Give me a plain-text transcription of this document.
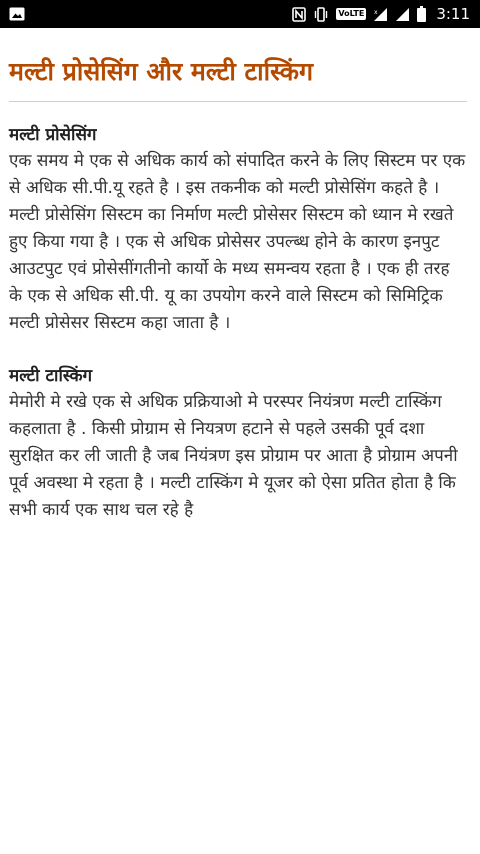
VoLTE	x	3:11
मल्टी प्रोसेसिंग और मल्टी टास्किंग
मल्टी प्रोसेसिंग

एक समय मे एक से अधिक कार्य को संपादित करने के लिए सिस्टम पर एक से अधिक सी.पी.यू रहते है । इस तकनीक को मल्टी प्रोसेसिंग कहते है । मल्टी प्रोसेसिंग सिस्टम का निर्माण मल्टी प्रोसेसर सिस्टम को ध्यान मे रखते हुए किया गया है । एक से अधिक प्रोसेसर उपल्ब्ध होने के कारण इनपुट आउटपुट एवं प्रोसेसींगतीनो कार्यो के मध्य समन्वय रहता है । एक ही तरह के एक से अधिक सी.पी. यू का उपयोग करने वाले सिस्टम को सिमिट्रिक मल्टी प्रोसेसर सिस्टम कहा जाता है ।

मल्टी टास्किंग

मेमोरी मे रखे एक से अधिक प्रक्रियाओ मे परस्पर नियंत्रण मल्टी टास्किंग कहलाता है . किसी प्रोग्राम से नियत्रण हटाने से पहले उसकी पूर्व दशा सुरक्षित कर ली जाती है जब नियंत्रण इस प्रोग्राम पर आता है प्रोग्राम अपनी पूर्व अवस्था मे रहता है । मल्टी टास्किंग मे यूजर को ऐसा प्रतित होता है कि सभी कार्य एक साथ चल रहे है
